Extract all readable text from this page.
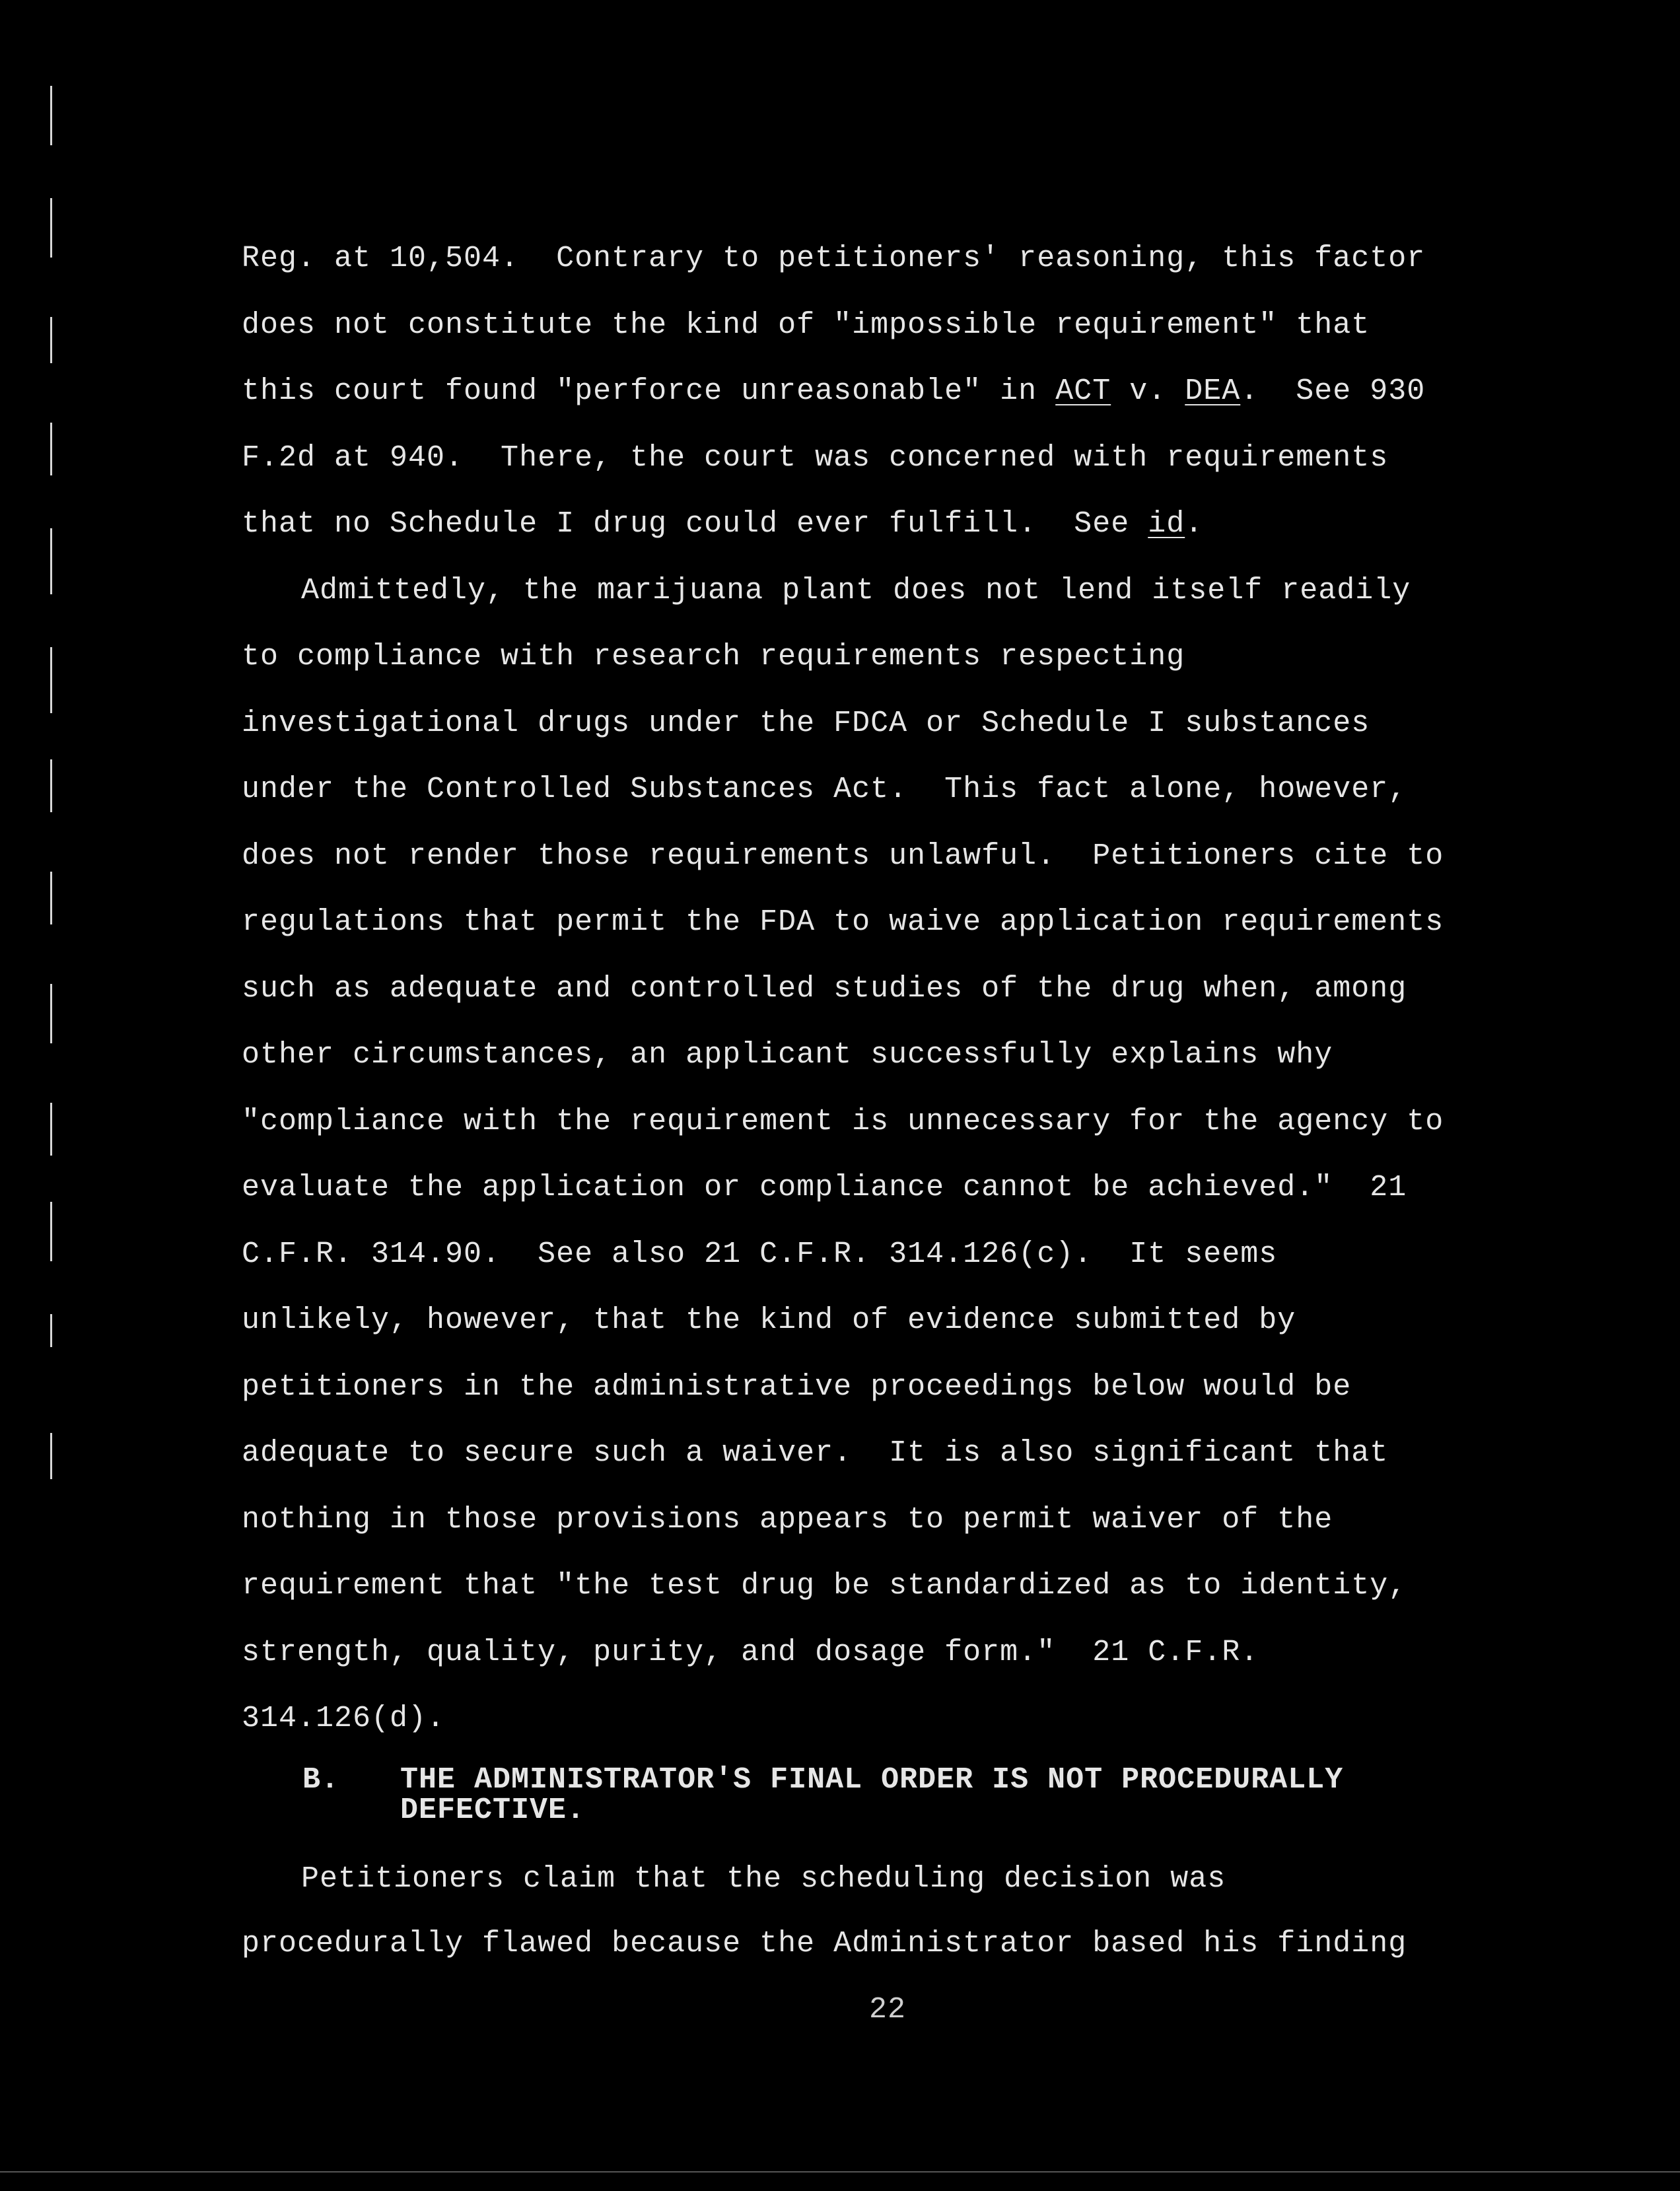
Reg. at 10,504.  Contrary to petitioners' reasoning, this factor
does not constitute the kind of "impossible requirement" that
this court found "perforce unreasonable" in ACT v. DEA.  See 930
F.2d at 940.  There, the court was concerned with requirements
that no Schedule I drug could ever fulfill.  See id.
Admittedly, the marijuana plant does not lend itself readily
to compliance with research requirements respecting
investigational drugs under the FDCA or Schedule I substances
under the Controlled Substances Act.  This fact alone, however,
does not render those requirements unlawful.  Petitioners cite to
regulations that permit the FDA to waive application requirements
such as adequate and controlled studies of the drug when, among
other circumstances, an applicant successfully explains why
"compliance with the requirement is unnecessary for the agency to
evaluate the application or compliance cannot be achieved."  21
C.F.R. 314.90.  See also 21 C.F.R. 314.126(c).  It seems
unlikely, however, that the kind of evidence submitted by
petitioners in the administrative proceedings below would be
adequate to secure such a waiver.  It is also significant that
nothing in those provisions appears to permit waiver of the
requirement that "the test drug be standardized as to identity,
strength, quality, purity, and dosage form."  21 C.F.R.
314.126(d).
Petitioners claim that the scheduling decision was
procedurally flawed because the Administrator based his finding
B. THE ADMINISTRATOR'S FINAL ORDER IS NOT PROCEDURALLY
DEFECTIVE.
22
